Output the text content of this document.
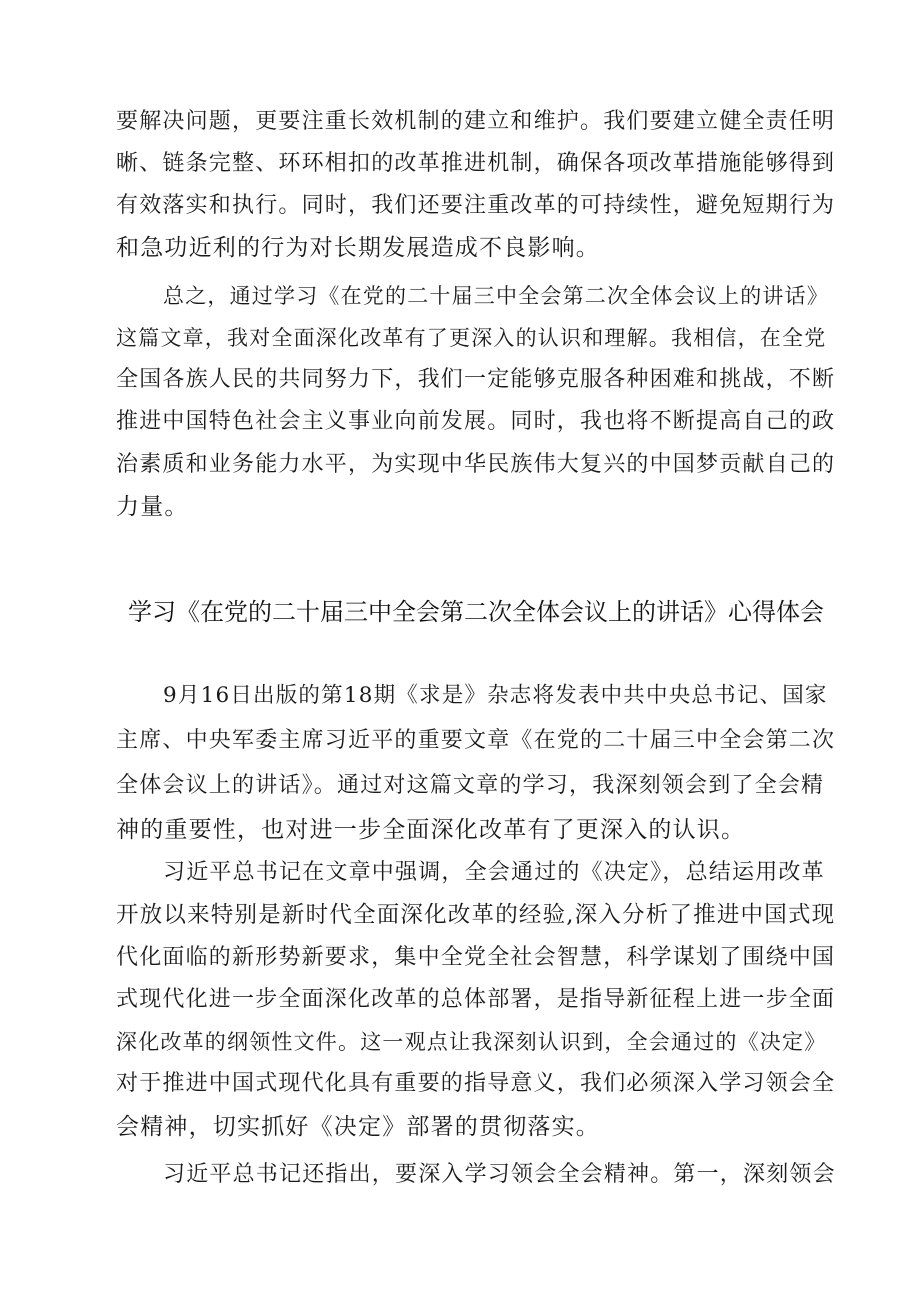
要解决问题，更要注重长效机制的建立和维护。我们要建立健全责任明
晰、链条完整、环环相扣的改革推进机制，确保各项改革措施能够得到
有效落实和执行。同时，我们还要注重改革的可持续性，避免短期行为
和急功近利的行为对长期发展造成不良影响。
总之，通过学习《在党的二十届三中全会第二次全体会议上的讲话》
这篇文章，我对全面深化改革有了更深入的认识和理解。我相信，在全党
全国各族人民的共同努力下，我们一定能够克服各种困难和挑战，不断
推进中国特色社会主义事业向前发展。同时，我也将不断提高自己的政
治素质和业务能力水平，为实现中华民族伟大复兴的中国梦贡献自己的
力量。
学习《在党的二十届三中全会第二次全体会议上的讲话》心得体会
9月16日出版的第18期《求是》杂志将发表中共中央总书记、国家
主席、中央军委主席习近平的重要文章《在党的二十届三中全会第二次
全体会议上的讲话》。通过对这篇文章的学习，我深刻领会到了全会精
神的重要性，也对进一步全面深化改革有了更深入的认识。
习近平总书记在文章中强调，全会通过的《决定》，总结运用改革
开放以来特别是新时代全面深化改革的经验,深入分析了推进中国式现
代化面临的新形势新要求，集中全党全社会智慧，科学谋划了围绕中国
式现代化进一步全面深化改革的总体部署，是指导新征程上进一步全面
深化改革的纲领性文件。这一观点让我深刻认识到，全会通过的《决定》
对于推进中国式现代化具有重要的指导意义，我们必须深入学习领会全
会精神，切实抓好《决定》部署的贯彻落实。
习近平总书记还指出，要深入学习领会全会精神。第一，深刻领会
